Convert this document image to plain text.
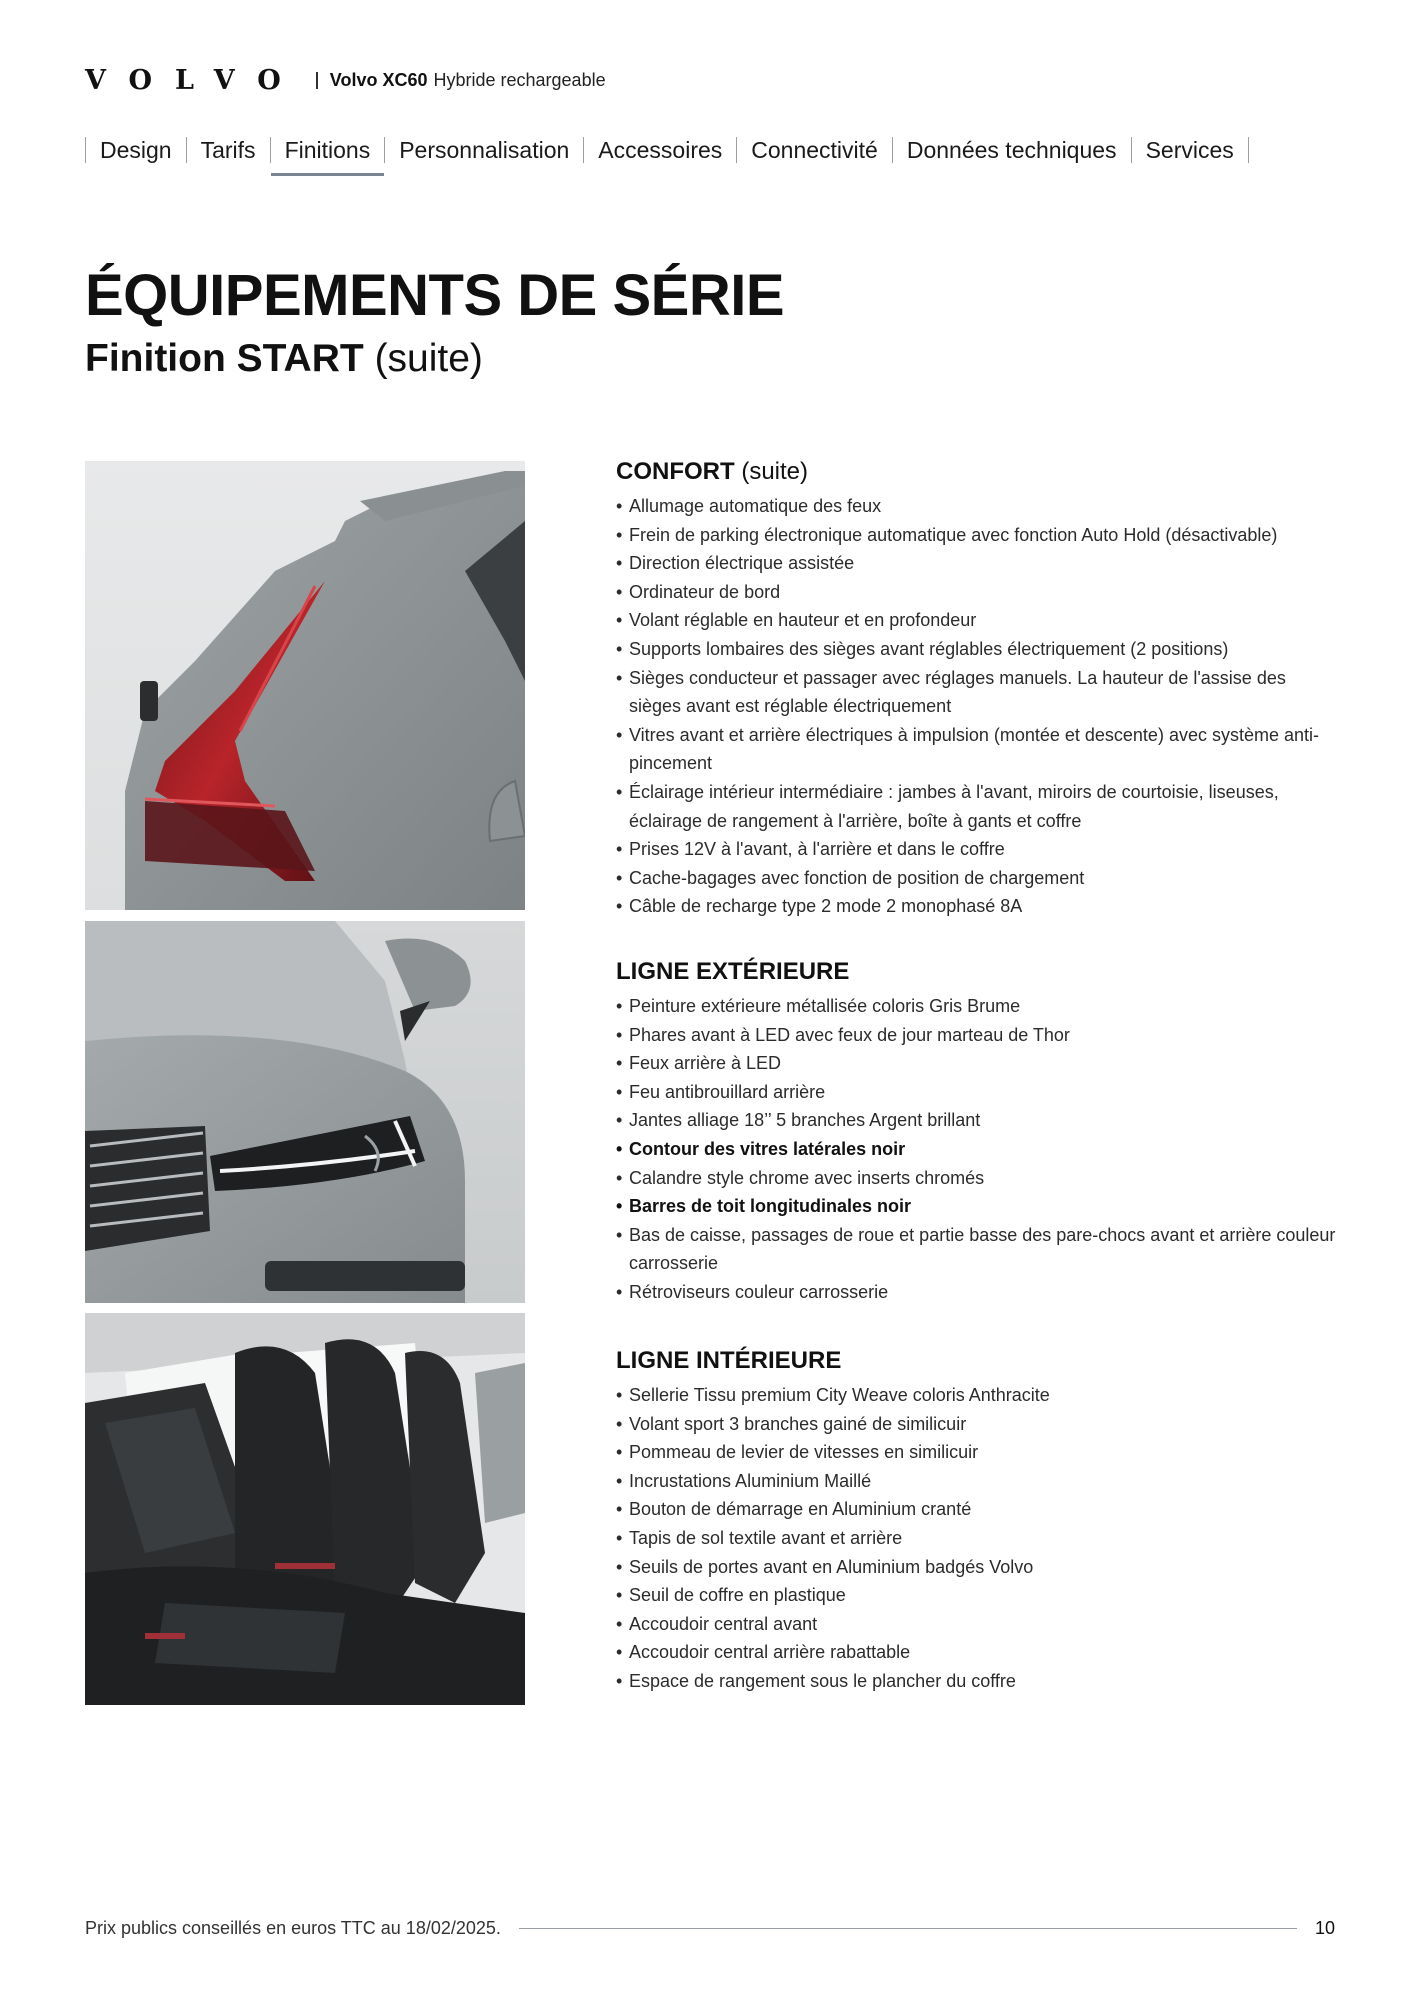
VOLVO Volvo XC60 Hybride rechargeable
Design Tarifs Finitions Personnalisation Accessoires Connectivité Données techniques Services
ÉQUIPEMENTS DE SÉRIE
Finition START (suite)
CONFORT (suite)
• Allumage automatique des feux
• Frein de parking électronique automatique avec fonction Auto Hold (désactivable)
• Direction électrique assistée
• Ordinateur de bord
• Volant réglable en hauteur et en profondeur
• Supports lombaires des sièges avant réglables électriquement (2 positions)
• Sièges conducteur et passager avec réglages manuels. La hauteur de l'assise des sièges avant est réglable électriquement
• Vitres avant et arrière électriques à impulsion (montée et descente) avec système anti-pincement
• Éclairage intérieur intermédiaire : jambes à l'avant, miroirs de courtoisie, liseuses, éclairage de rangement à l'arrière, boîte à gants et coffre
• Prises 12V à l'avant, à l'arrière et dans le coffre
• Cache-bagages avec fonction de position de chargement
• Câble de recharge type 2 mode 2 monophasé 8A
LIGNE EXTÉRIEURE
• Peinture extérieure métallisée coloris Gris Brume
• Phares avant à LED avec feux de jour marteau de Thor
• Feux arrière à LED
• Feu antibrouillard arrière
• Jantes alliage 18’’ 5 branches Argent brillant
• Contour des vitres latérales noir
• Calandre style chrome avec inserts chromés
• Barres de toit longitudinales noir
• Bas de caisse, passages de roue et partie basse des pare-chocs avant et arrière couleur carrosserie
• Rétroviseurs couleur carrosserie
LIGNE INTÉRIEURE
• Sellerie Tissu premium City Weave coloris Anthracite
• Volant sport 3 branches gainé de similicuir
• Pommeau de levier de vitesses en similicuir
• Incrustations Aluminium Maillé
• Bouton de démarrage en Aluminium cranté
• Tapis de sol textile avant et arrière
• Seuils de portes avant en Aluminium badgés Volvo
• Seuil de coffre en plastique
• Accoudoir central avant
• Accoudoir central arrière rabattable
• Espace de rangement sous le plancher du coffre
Prix publics conseillés en euros TTC au 18/02/2025.	10
